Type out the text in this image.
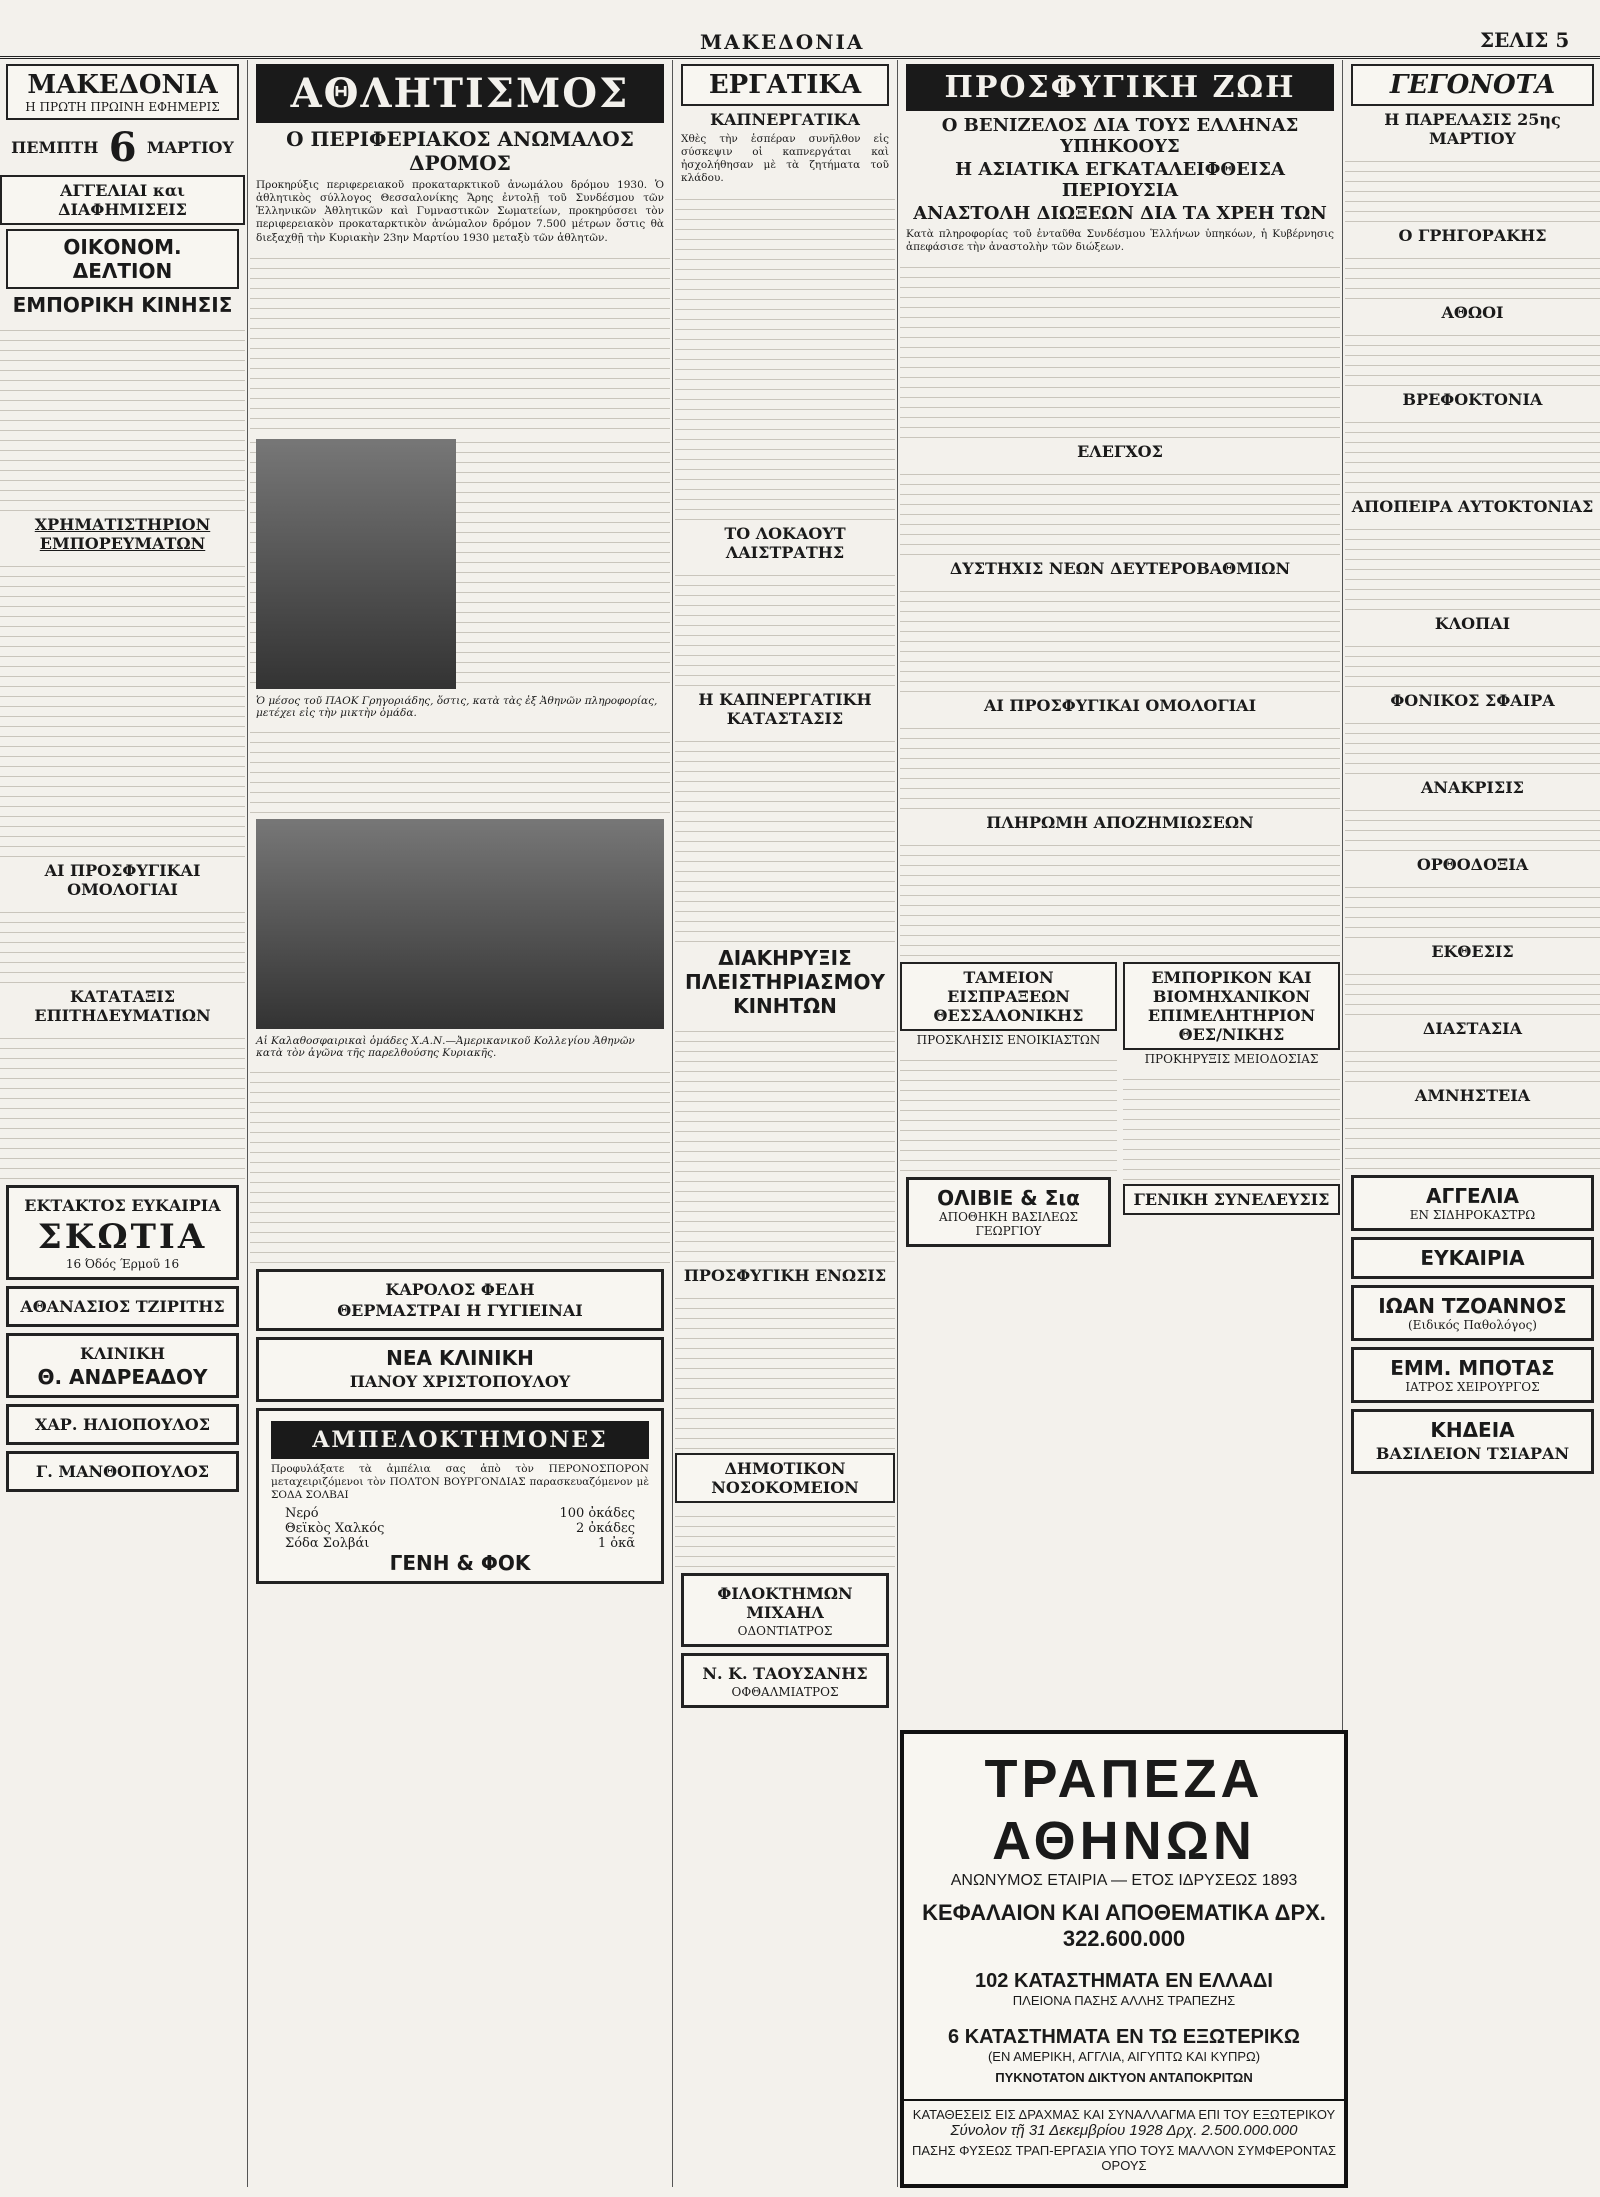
ΜΑΚΕΔΟΝΙΑ	ΣΕΛΙΣ 5
ΜΑΚΕΔΟΝΙΑ
Η ΠΡΩΤΗ ΠΡΩΙΝΗ ΕΦΗΜΕΡΙΣ
ΠΕΜΠΤΗ 6 ΜΑΡΤΙΟΥ
ΑΓΓΕΛΙΑΙ και ΔΙΑΦΗΜΙΣΕΙΣ
ΟΙΚΟΝΟΜ. ΔΕΛΤΙΟΝ
ΕΜΠΟΡΙΚΗ ΚΙΝΗΣΙΣ
ΧΡΗΜΑΤΙΣΤΗΡΙΟΝ ΕΜΠΟΡΕΥΜΑΤΩΝ
ΑΙ ΠΡΟΣΦΥΓΙΚΑΙ ΟΜΟΛΟΓΙΑΙ
ΚΑΤΑΤΑΞΙΣ ΕΠΙΤΗΔΕΥΜΑΤΙΩΝ
ΕΚΤΑΚΤΟΣ ΕΥΚΑΙΡΙΑ
ΣΚΩΤΙΑ
16 Όδός Έρμοῦ 16
ΑΘΑΝΑΣΙΟΣ ΤΖΙΡΙΤΗΣ
ΚΛΙΝΙΚΗ
Θ. ΑΝΔΡΕΑΔΟΥ
ΧΑΡ. ΗΛΙΟΠΟΥΛΟΣ
Γ. ΜΑΝΘΟΠΟΥΛΟΣ
ΑΘΛΗΤΙΣΜΟΣ
Ο ΠΕΡΙΦΕΡΙΑΚΟΣ ΑΝΩΜΑΛΟΣ ΔΡΟΜΟΣ
Προκηρύξις περιφερειακοῦ προκαταρκτικοῦ ἀνωμάλου δρόμου 1930. Ὁ ἀθλητικὸς σύλλογος Θεσσαλονίκης Ἄρης ἐντολῇ τοῦ Συνδέσμου τῶν Ἑλληνικῶν Ἀθλητικῶν καὶ Γυμναστικῶν Σωματείων, προκηρύσσει τὸν περιφερειακὸν προκαταρκτικὸν ἀνώμαλον δρόμον 7.500 μέτρων ὅστις θὰ διεξαχθῇ τὴν Κυριακὴν 23ην Μαρτίου 1930 μεταξὺ τῶν ἀθλητῶν.
Ὁ μέσος τοῦ ΠΑΟΚ Γρηγοριάδης, ὅστις, κατὰ τὰς ἐξ Ἀθηνῶν πληροφορίας, μετέχει εἰς τὴν μικτὴν ὁμάδα.
Αἱ Καλαθοσφαιρικαὶ ὁμάδες Χ.Α.Ν.—Ἀμερικανικοῦ Κολλεγίου Ἀθηνῶν κατὰ τὸν ἀγῶνα τῆς παρελθούσης Κυριακῆς.
ΚΑΡΟΛΟΣ ΦΕΔΗ
ΘΕΡΜΑΣΤΡΑΙ Η ΓΥΓΙΕΙΝΑΙ
ΝΕΑ ΚΛΙΝΙΚΗ
ΠΑΝΟΥ ΧΡΙΣΤΟΠΟΥΛΟΥ
ΑΜΠΕΛΟΚΤΗΜΟΝΕΣ
Προφυλάξατε τὰ ἀμπέλια σας ἀπὸ τὸν ΠΕΡΟΝΟΣΠΟΡΟΝ μεταχειριζόμενοι τὸν ΠΟΛΤΟΝ ΒΟΥΡΓΟΝΔΙΑΣ παρασκευαζόμενον μὲ ΣΟΔΑ ΣΟΛΒΑΙ
Νερό	100 ὀκάδες
Θεϊκὸς Χαλκός	2 ὀκάδες
Σόδα Σολβάι	1 ὀκᾶ
ΓΕΝΗ & ΦΟΚ
ΕΡΓΑΤΙΚΑ
ΚΑΠΝΕΡΓΑΤΙΚΑ
Χθὲς τὴν ἑσπέραν συνῆλθον εἰς σύσκεψιν οἱ καπνεργάται καὶ ἠσχολήθησαν μὲ τὰ ζητήματα τοῦ κλάδου.
ΤΟ ΛΟΚΑΟΥΤ ΛΑΙΣΤΡΑΤΗΣ
Η ΚΑΠΝΕΡΓΑΤΙΚΗ ΚΑΤΑΣΤΑΣΙΣ
ΔΙΑΚΗΡΥΞΙΣ ΠΛΕΙΣΤΗΡΙΑΣΜΟΥ ΚΙΝΗΤΩΝ
ΠΡΟΣΦΥΓΙΚΗ ΕΝΩΣΙΣ
ΔΗΜΟΤΙΚΟΝ ΝΟΣΟΚΟΜΕΙΟΝ
ΦΙΛΟΚΤΗΜΩΝ ΜΙΧΑΗΛ
ΟΔΟΝΤΙΑΤΡΟΣ
Ν. Κ. ΤΑΟΥΣΑΝΗΣ
ΟΦΘΑΛΜΙΑΤΡΟΣ
ΠΡΟΣΦΥΓΙΚΗ ΖΩΗ
Ο ΒΕΝΙΖΕΛΟΣ ΔΙΑ ΤΟΥΣ ΕΛΛΗΝΑΣ ΥΠΗΚΟΟΥΣ
Η ΑΣΙΑΤΙΚΑ ΕΓΚΑΤΑΛΕΙΦΘΕΙΣΑ ΠΕΡΙΟΥΣΙΑ
ΑΝΑΣΤΟΛΗ ΔΙΩΞΕΩΝ ΔΙΑ ΤΑ ΧΡΕΗ ΤΩΝ
Κατὰ πληροφορίας τοῦ ἐνταῦθα Συνδέσμου Ἑλλήνων ὑπηκόων, ἡ Κυβέρνησις ἀπεφάσισε τὴν ἀναστολὴν τῶν διώξεων.
ΕΛΕΓΧΟΣ
ΔΥΣΤΗΧΙΣ ΝΕΩΝ ΔΕΥΤΕΡΟΒΑΘΜΙΩΝ
ΑΙ ΠΡΟΣΦΥΓΙΚΑΙ ΟΜΟΛΟΓΙΑΙ
ΠΛΗΡΩΜΗ ΑΠΟΖΗΜΙΩΣΕΩΝ
ΤΑΜΕΙΟΝ ΕΙΣΠΡΑΞΕΩΝ ΘΕΣΣΑΛΟΝΙΚΗΣ
ΠΡΟΣΚΛΗΣΙΣ ΕΝΟΙΚΙΑΣΤΩΝ
ΟΛΙΒΙΕ & Σια
ΑΠΟΘΗΚΗ ΒΑΣΙΛΕΩΣ ΓΕΩΡΓΙΟΥ
ΕΜΠΟΡΙΚΟΝ ΚΑΙ ΒΙΟΜΗΧΑΝΙΚΟΝ ΕΠΙΜΕΛΗΤΗΡΙΟΝ ΘΕΣ/ΝΙΚΗΣ
ΠΡΟΚΗΡΥΞΙΣ ΜΕΙΟΔΟΣΙΑΣ
ΓΕΝΙΚΗ ΣΥΝΕΛΕΥΣΙΣ
ΤΡΑΠΕΖΑ ΑΘΗΝΩΝ
ΑΝΩΝΥΜΟΣ ΕΤΑΙΡΙΑ — ΕΤΟΣ ΙΔΡΥΣΕΩΣ 1893
ΚΕΦΑΛΑΙΟΝ ΚΑΙ ΑΠΟΘΕΜΑΤΙΚΑ ΔΡΧ. 322.600.000
102 ΚΑΤΑΣΤΗΜΑΤΑ ΕΝ ΕΛΛΑΔΙ
ΠΛΕΙΟΝΑ ΠΑΣΗΣ ΑΛΛΗΣ ΤΡΑΠΕΖΗΣ
6 ΚΑΤΑΣΤΗΜΑΤΑ ΕΝ ΤΩ ΕΞΩΤΕΡΙΚΩ
(ΕΝ ΑΜΕΡΙΚΗ, ΑΓΓΛΙΑ, ΑΙΓΥΠΤΩ ΚΑΙ ΚΥΠΡΩ)
ΠΥΚΝΟΤΑΤΟΝ ΔΙΚΤΥΟΝ ΑΝΤΑΠΟΚΡΙΤΩΝ
ΚΑΤΑΘΕΣΕΙΣ ΕΙΣ ΔΡΑΧΜΑΣ ΚΑΙ ΣΥΝΑΛΛΑΓΜΑ ΕΠΙ ΤΟΥ ΕΞΩΤΕΡΙΚΟΥ
Σύνολον τῇ 31 Δεκεμβρίου 1928 Δρχ. 2.500.000.000
ΠΑΣΗΣ ΦΥΣΕΩΣ ΤΡΑΠ-ΕΡΓΑΣΙΑ ΥΠΟ ΤΟΥΣ ΜΑΛΛΟΝ ΣΥΜΦΕΡΟΝΤΑΣ ΟΡΟΥΣ
ΓΕΓΟΝΟΤΑ
Η ΠΑΡΕΛΑΣΙΣ 25ης ΜΑΡΤΙΟΥ
Ο ΓΡΗΓΟΡΑΚΗΣ
ΑΘΩΟΙ
ΒΡΕΦΟΚΤΟΝΙΑ
ΑΠΟΠΕΙΡΑ ΑΥΤΟΚΤΟΝΙΑΣ
ΚΛΟΠΑΙ
ΦΟΝΙΚΟΣ ΣΦΑΙΡΑ
ΑΝΑΚΡΙΣΙΣ
ΟΡΘΟΔΟΞΙΑ
ΕΚΘΕΣΙΣ
ΔΙΑΣΤΑΣΙΑ
ΑΜΝΗΣΤΕΙΑ
ΑΓΓΕΛΙΑ
ΕΝ ΣΙΔΗΡΟΚΑΣΤΡΩ
ΕΥΚΑΙΡΙΑ
ΙΩΑΝ ΤΖΟΑΝΝΟΣ
(Ειδικός Παθολόγος)
ΕΜΜ. ΜΠΟΤΑΣ
ΙΑΤΡΟΣ ΧΕΙΡΟΥΡΓΟΣ
ΚΗΔΕΙΑ
ΒΑΣΙΛΕΙΟΝ ΤΣΙΑΡΑΝ
